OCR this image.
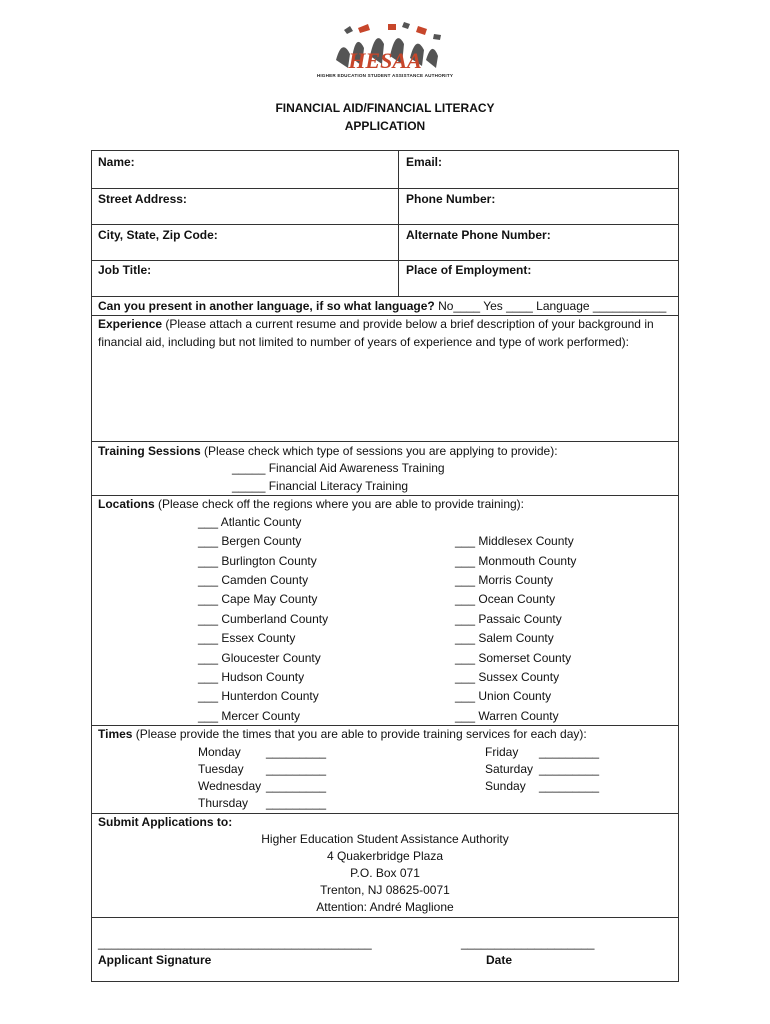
HESAA
HIGHER EDUCATION STUDENT ASSISTANCE AUTHORITY
FINANCIAL AID/FINANCIAL LITERACY
APPLICATION
Name:	Email:
Street Address:	Phone Number:
City, State, Zip Code:	Alternate Phone Number:
Job Title:	Place of Employment:
Can you present in another language, if so what language? No____ Yes ____ Language ___________
Experience (Please attach a current resume and provide below a brief description of your background in financial aid, including but not limited to number of years of experience and type of work performed):
Training Sessions (Please check which type of sessions you are applying to provide):
_____ Financial Aid Awareness Training
_____ Financial Literacy Training
Locations (Please check off the regions where you are able to provide training):
___ Atlantic County
___ Bergen County
___ Burlington County
___ Camden County
___ Cape May County
___ Cumberland County
___ Essex County
___ Gloucester County
___ Hudson County
___ Hunterdon County
___ Mercer County
___ Middlesex County
___ Monmouth County
___ Morris County
___ Ocean County
___ Passaic County
___ Salem County
___ Somerset County
___ Sussex County
___ Union County
___ Warren County
Times (Please provide the times that you are able to provide training services for each day):
Monday _________
Tuesday _________
Wednesday _________
Thursday _________
Friday _________
Saturday _________
Sunday _________
Submit Applications to:
Higher Education Student Assistance Authority
4 Quakerbridge Plaza
P.O. Box 071
Trenton, NJ 08625-0071
Attention: André Maglione
_________________________________________
Applicant Signature
____________________
Date
